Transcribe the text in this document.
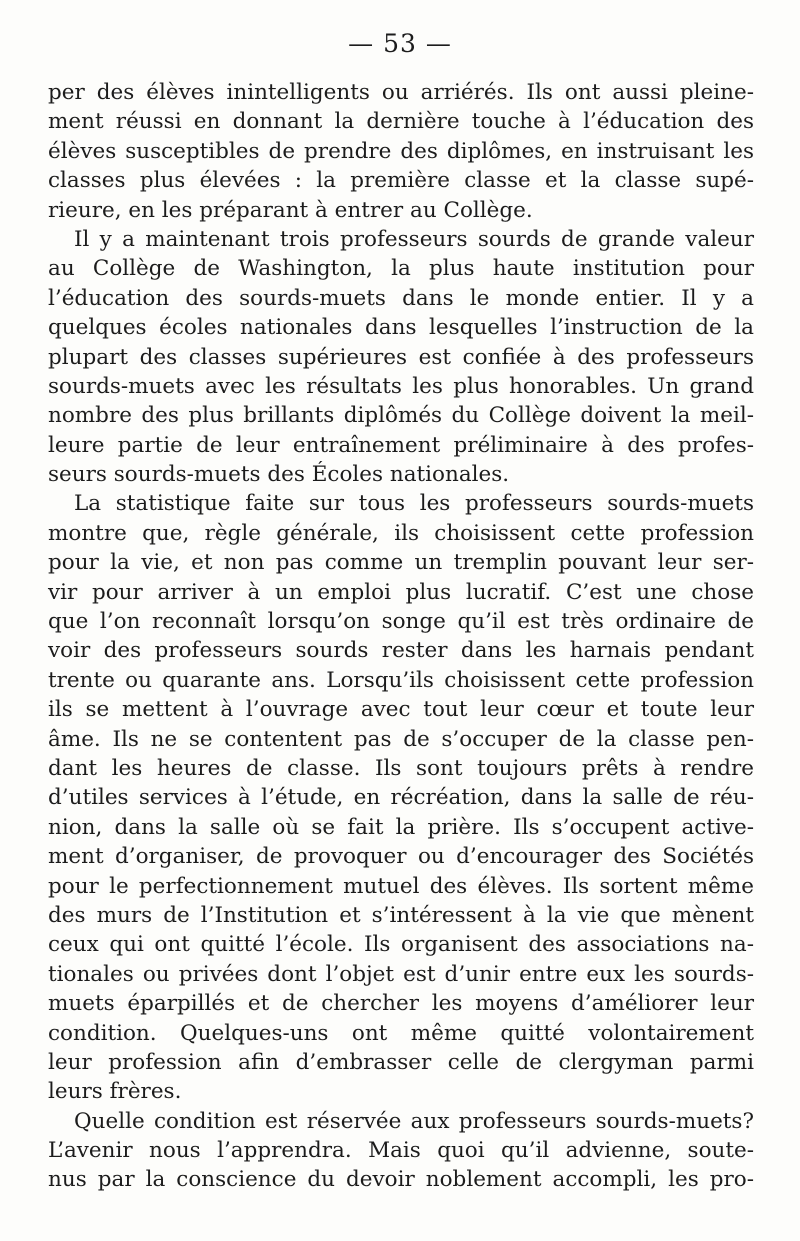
— 53 —
per des élèves inintelligents ou arriérés. Ils ont aussi pleine-
ment réussi en donnant la dernière touche à l’éducation des
élèves susceptibles de prendre des diplômes, en instruisant les
classes plus élevées : la première classe et la classe supé-
rieure, en les préparant à entrer au Collège.
Il y a maintenant trois professeurs sourds de grande valeur
au Collège de Washington, la plus haute institution pour
l’éducation des sourds-muets dans le monde entier. Il y a
quelques écoles nationales dans lesquelles l’instruction de la
plupart des classes supérieures est confiée à des professeurs
sourds-muets avec les résultats les plus honorables. Un grand
nombre des plus brillants diplômés du Collège doivent la meil-
leure partie de leur entraînement préliminaire à des profes-
seurs sourds-muets des Écoles nationales.
La statistique faite sur tous les professeurs sourds-muets
montre que, règle générale, ils choisissent cette profession
pour la vie, et non pas comme un tremplin pouvant leur ser-
vir pour arriver à un emploi plus lucratif. C’est une chose
que l’on reconnaît lorsqu’on songe qu’il est très ordinaire de
voir des professeurs sourds rester dans les harnais pendant
trente ou quarante ans. Lorsqu’ils choisissent cette profession
ils se mettent à l’ouvrage avec tout leur cœur et toute leur
âme. Ils ne se contentent pas de s’occuper de la classe pen-
dant les heures de classe. Ils sont toujours prêts à rendre
d’utiles services à l’étude, en récréation, dans la salle de réu-
nion, dans la salle où se fait la prière. Ils s’occupent active-
ment d’organiser, de provoquer ou d’encourager des Sociétés
pour le perfectionnement mutuel des élèves. Ils sortent même
des murs de l’Institution et s’intéressent à la vie que mènent
ceux qui ont quitté l’école. Ils organisent des associations na-
tionales ou privées dont l’objet est d’unir entre eux les sourds-
muets éparpillés et de chercher les moyens d’améliorer leur
condition. Quelques-uns ont même quitté volontairement
leur profession afin d’embrasser celle de clergyman parmi
leurs frères.
Quelle condition est réservée aux professeurs sourds-muets?
L’avenir nous l’apprendra. Mais quoi qu’il advienne, soute-
nus par la conscience du devoir noblement accompli, les pro-
